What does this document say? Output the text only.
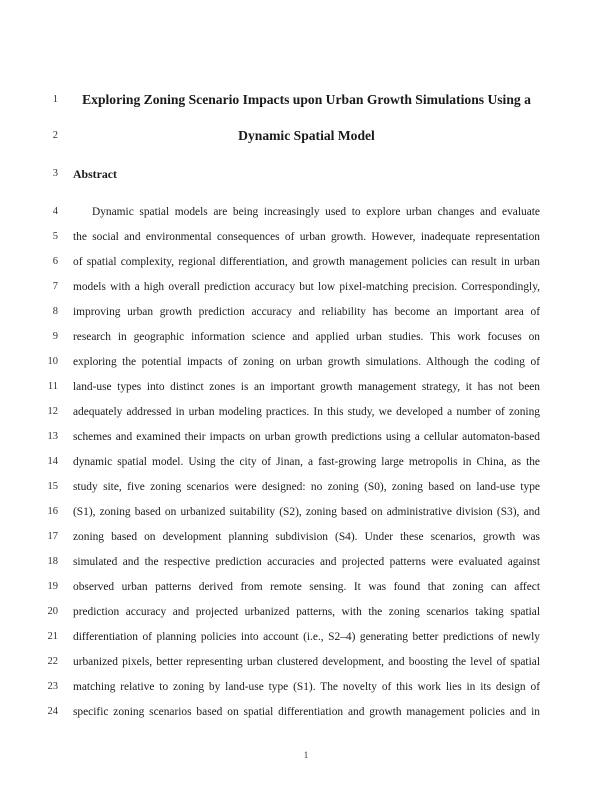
1	Exploring Zoning Scenario Impacts upon Urban Growth Simulations Using a
2	Dynamic Spatial Model
3 Abstract
4	Dynamic spatial models are being increasingly used to explore urban changes and evaluate
5 the social and environmental consequences of urban growth. However, inadequate representation
6 of spatial complexity, regional differentiation, and growth management policies can result in urban
7 models with a high overall prediction accuracy but low pixel-matching precision. Correspondingly,
8 improving urban growth prediction accuracy and reliability has become an important area of
9 research in geographic information science and applied urban studies. This work focuses on
10 exploring the potential impacts of zoning on urban growth simulations. Although the coding of
11 land-use types into distinct zones is an important growth management strategy, it has not been
12 adequately addressed in urban modeling practices. In this study, we developed a number of zoning
13 schemes and examined their impacts on urban growth predictions using a cellular automaton-based
14 dynamic spatial model. Using the city of Jinan, a fast-growing large metropolis in China, as the
15 study site, five zoning scenarios were designed: no zoning (S0), zoning based on land-use type
16 (S1), zoning based on urbanized suitability (S2), zoning based on administrative division (S3), and
17 zoning based on development planning subdivision (S4). Under these scenarios, growth was
18 simulated and the respective prediction accuracies and projected patterns were evaluated against
19 observed urban patterns derived from remote sensing. It was found that zoning can affect
20 prediction accuracy and projected urbanized patterns, with the zoning scenarios taking spatial
21 differentiation of planning policies into account (i.e., S2–4) generating better predictions of newly
22 urbanized pixels, better representing urban clustered development, and boosting the level of spatial
23 matching relative to zoning by land-use type (S1). The novelty of this work lies in its design of
24 specific zoning scenarios based on spatial differentiation and growth management policies and in
1
